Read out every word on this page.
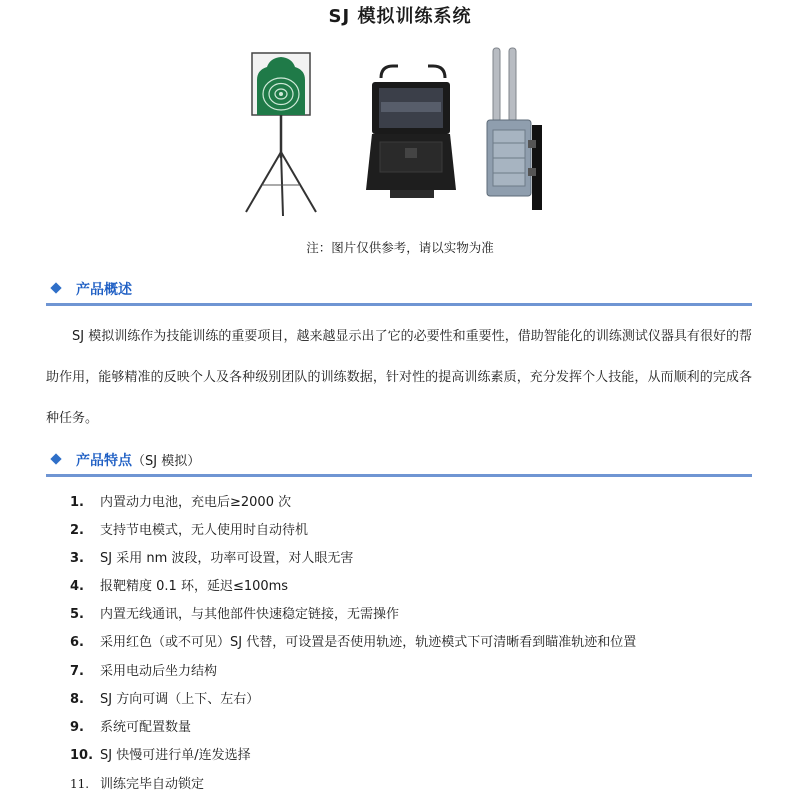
SJ 模拟训练系统
注：图片仅供参考，请以实物为准
产品概述
SJ 模拟训练作为技能训练的重要项目，越来越显示出了它的必要性和重要性，借助智能化的训练测试仪器具有很好的帮助作用，能够精准的反映个人及各种级别团队的训练数据，针对性的提高训练素质，充分发挥个人技能，从而顺利的完成各种任务。
产品特点（SJ 模拟）
1. 内置动力电池，充电后≥2000 次
2. 支持节电模式，无人使用时自动待机
3. SJ 采用 nm 波段，功率可设置，对人眼无害
4. 报靶精度 0.1 环，延迟≤100ms
5. 内置无线通讯，与其他部件快速稳定链接，无需操作
6. 采用红色（或不可见）SJ 代替，可设置是否使用轨迹，轨迹模式下可清晰看到瞄准轨迹和位置
7. 采用电动后坐力结构
8. SJ 方向可调（上下、左右）
9. 系统可配置数量
10. SJ 快慢可进行单/连发选择
11. 训练完毕自动锁定
